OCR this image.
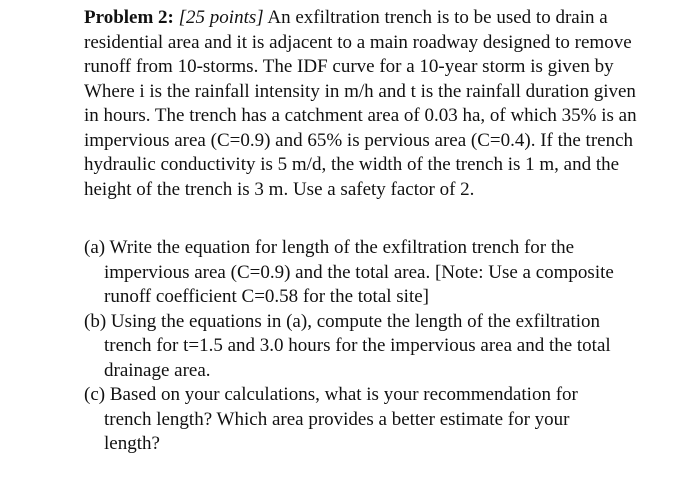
Problem 2: [25 points] An exfiltration trench is to be used to drain a residential area and it is adjacent to a main roadway designed to remove runoff from 10-storms. The IDF curve for a 10-year storm is given by
Where i is the rainfall intensity in m/h and t is the rainfall duration given in hours. The trench has a catchment area of 0.03 ha, of which 35% is an impervious area (C=0.9) and 65% is pervious area (C=0.4). If the trench hydraulic conductivity is 5 m/d, the width of the trench is 1 m, and the height of the trench is 3 m. Use a safety factor of 2.

(a) Write the equation for length of the exfiltration trench for the impervious area (C=0.9) and the total area. [Note: Use a composite runoff coefficient C=0.58 for the total site]
(b) Using the equations in (a), compute the length of the exfiltration trench for t=1.5 and 3.0 hours for the impervious area and the total drainage area.
(c) Based on your calculations, what is your recommendation for trench length? Which area provides a better estimate for your length?
